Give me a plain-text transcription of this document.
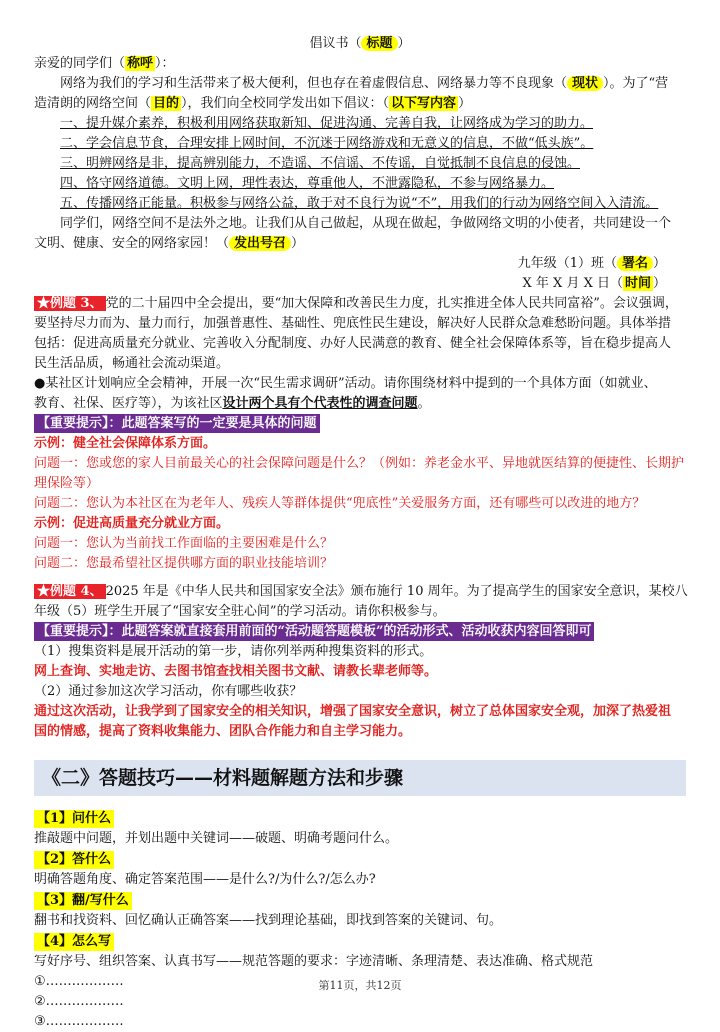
倡议书（ 标题 ）
亲爱的同学们（ 称呼 ）：
网络为我们的学习和生活带来了极大便利，但也存在着虚假信息、网络暴力等不良现象（ 现状 ）。为了“营
造清朗的网络空间（ 目的 ），我们向全校同学发出如下倡议：（ 以下写内容 ）
一、提升媒介素养，积极利用网络获取新知、促进沟通、完善自我，让网络成为学习的助力。
二、学会信息节食，合理安排上网时间，不沉迷于网络游戏和无意义的信息，不做“低头族”。
三、明辨网络是非，提高辨别能力，不造谣、不信谣、不传谣，自觉抵制不良信息的侵蚀。
四、恪守网络道德。文明上网，理性表达，尊重他人，不泄露隐私，不参与网络暴力。
五、传播网络正能量。积极参与网络公益，敢于对不良行为说“不”，用我们的行动为网络空间入入清流。
同学们，网络空间不是法外之地。让我们从自己做起，从现在做起，争做网络文明的小使者，共同建设一个
文明、健康、安全的网络家园！（ 发出号召 ）
九年级（1）班（ 署名 ）
X 年 X 月 X 日（ 时间 ）
★例题 3、 党的二十届四中全会提出，要“加大保障和改善民生力度，扎实推进全体人民共同富裕”。会议强调，
要坚持尽力而为、量力而行，加强普惠性、基础性、兜底性民生建设，解决好人民群众急难愁盼问题。具体举措
包括：促进高质量充分就业、完善收入分配制度、办好人民满意的教育、健全社会保障体系等，旨在稳步提高人
民生活品质，畅通社会流动渠道。
●某社区计划响应全会精神，开展一次“民生需求调研”活动。请你围绕材料中提到的一个具体方面（如就业、
教育、社保、医疗等），为该社区设计两个具有个代表性的调查问题。
【重要提示】：此题答案写的一定要是具体的问题
示例：健全社会保障体系方面。
问题一：您或您的家人目前最关心的社会保障问题是什么？（例如：养老金水平、异地就医结算的便捷性、长期护
理保险等）
问题二：您认为本社区在为老年人、残疾人等群体提供“兜底性”关爱服务方面，还有哪些可以改进的地方？
示例：促进高质量充分就业方面。
问题一：您认为当前找工作面临的主要困难是什么？
问题二：您最希望社区提供哪方面的职业技能培训？
★例题 4、 2025 年是《中华人民共和国国家安全法》颁布施行 10 周年。为了提高学生的国家安全意识，某校八
年级（5）班学生开展了“国家安全驻心间”的学习活动。请你积极参与。
【重要提示】：此题答案就直接套用前面的“活动题答题模板”的活动形式、活动收获内容回答即可
（1）搜集资料是展开活动的第一步，请你列举两种搜集资料的形式。
网上查询、实地走访、去图书馆查找相关图书文献、请教长辈老师等。
（2）通过参加这次学习活动，你有哪些收获？
通过这次活动，让我学到了国家安全的相关知识，增强了国家安全意识，树立了总体国家安全观，加深了热爱祖
国的情感，提高了资料收集能力、团队合作能力和自主学习能力。
《二》答题技巧——材料题解题方法和步骤
【1】问什么
推敲题中问题，并划出题中关键词——破题、明确考题问什么。
【2】答什么
明确答题角度、确定答案范围——是什么?/为什么?/怎么办?
【3】翻/写什么
翻书和找资料、回忆确认正确答案——找到理论基础，即找到答案的关键词、句。
【4】怎么写
写好序号、组织答案、认真书写——规范答题的要求：字迹清晰、条理清楚、表达准确、格式规范
①………………
②………………
③………………
第11页，共12页
